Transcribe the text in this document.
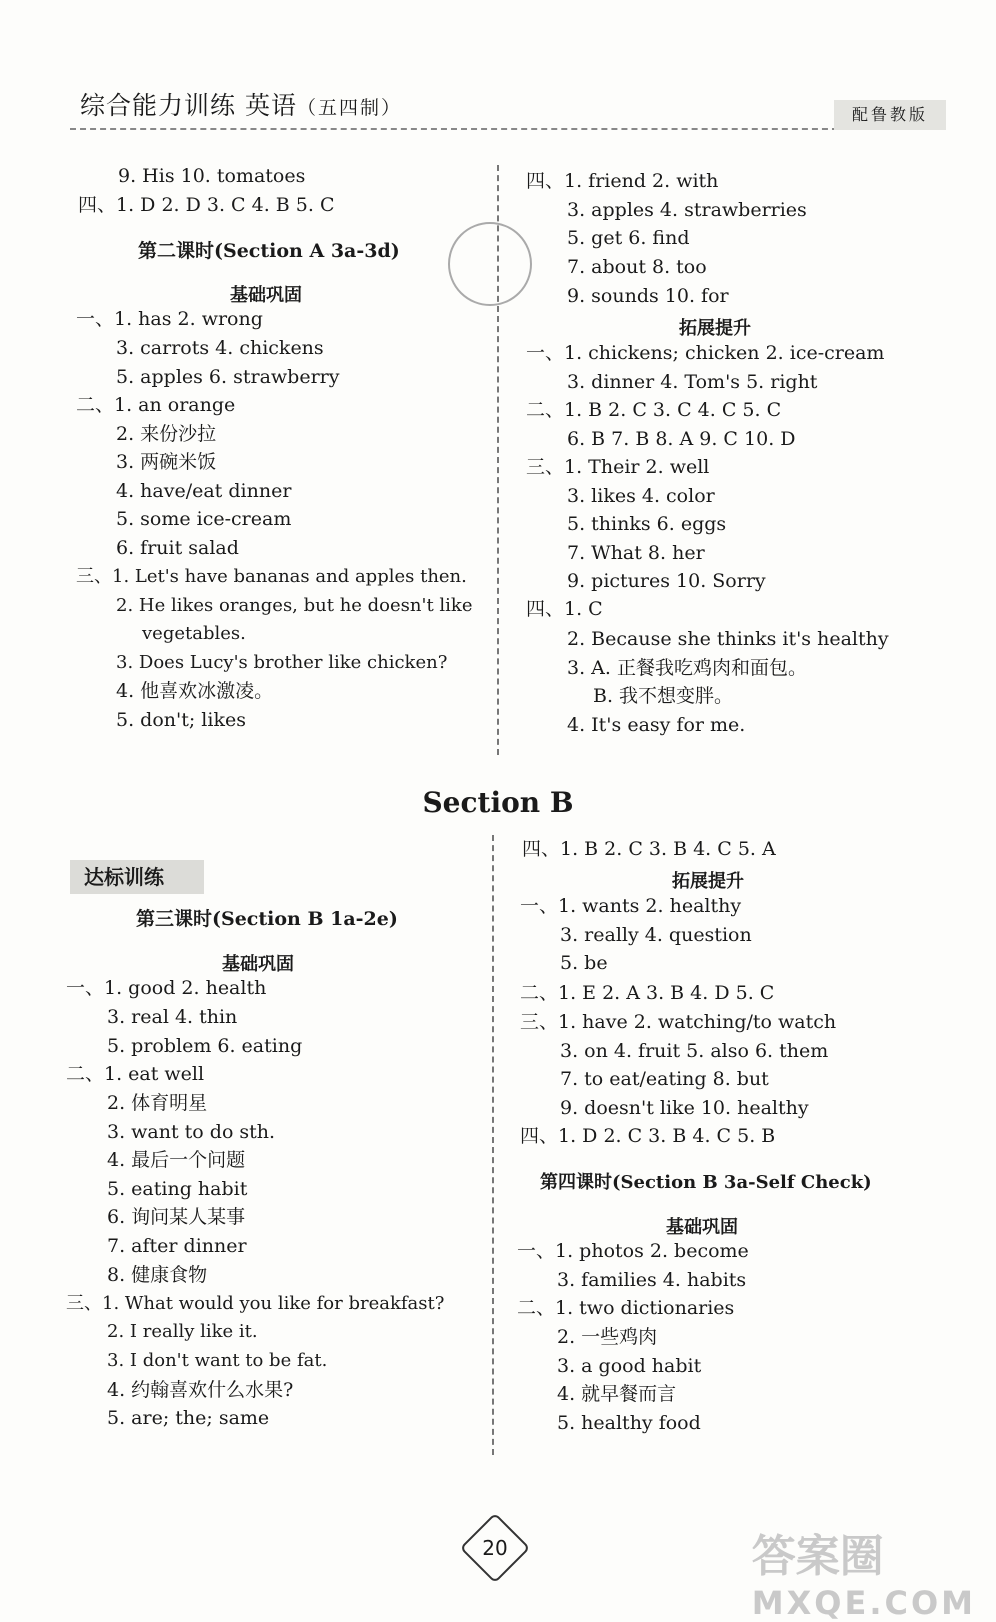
综合能力训练 英语（五四制）	配鲁教版
9. His 10. tomatoes
四、1. D 2. D 3. C 4. B 5. C
第二课时(Section A 3a-3d)
基础巩固
一、1. has 2. wrong
3. carrots 4. chickens
5. apples 6. strawberry
二、1. an orange
2. 来份沙拉
3. 两碗米饭
4. have/eat dinner
5. some ice-cream
6. fruit salad
三、1. Let's have bananas and apples then.
2. He likes oranges, but he doesn't like
vegetables.
3. Does Lucy's brother like chicken?
4. 他喜欢冰激凌。
5. don't; likes
四、1. friend 2. with
3. apples 4. strawberries
5. get 6. find
7. about 8. too
9. sounds 10. for
拓展提升
一、1. chickens; chicken 2. ice-cream
3. dinner 4. Tom's 5. right
二、1. B 2. C 3. C 4. C 5. C
6. B 7. B 8. A 9. C 10. D
三、1. Their 2. well
3. likes 4. color
5. thinks 6. eggs
7. What 8. her
9. pictures 10. Sorry
四、1. C
2. Because she thinks it's healthy
3. A. 正餐我吃鸡肉和面包。
B. 我不想变胖。
4. It's easy for me.
Section B
达标训练
第三课时(Section B 1a-2e)
基础巩固
一、1. good 2. health
3. real 4. thin
5. problem 6. eating
二、1. eat well
2. 体育明星
3. want to do sth.
4. 最后一个问题
5. eating habit
6. 询问某人某事
7. after dinner
8. 健康食物
三、1. What would you like for breakfast?
2. I really like it.
3. I don't want to be fat.
4. 约翰喜欢什么水果?
5. are; the; same
四、1. B 2. C 3. B 4. C 5. A
拓展提升
一、1. wants 2. healthy
3. really 4. question
5. be
二、1. E 2. A 3. B 4. D 5. C
三、1. have 2. watching/to watch
3. on 4. fruit 5. also 6. them
7. to eat/eating 8. but
9. doesn't like 10. healthy
四、1. D 2. C 3. B 4. C 5. B
第四课时(Section B 3a-Self Check)
基础巩固
一、1. photos 2. become
3. families 4. habits
二、1. two dictionaries
2. 一些鸡肉
3. a good habit
4. 就早餐而言
5. healthy food
20	答案圈
MXQE.COM
